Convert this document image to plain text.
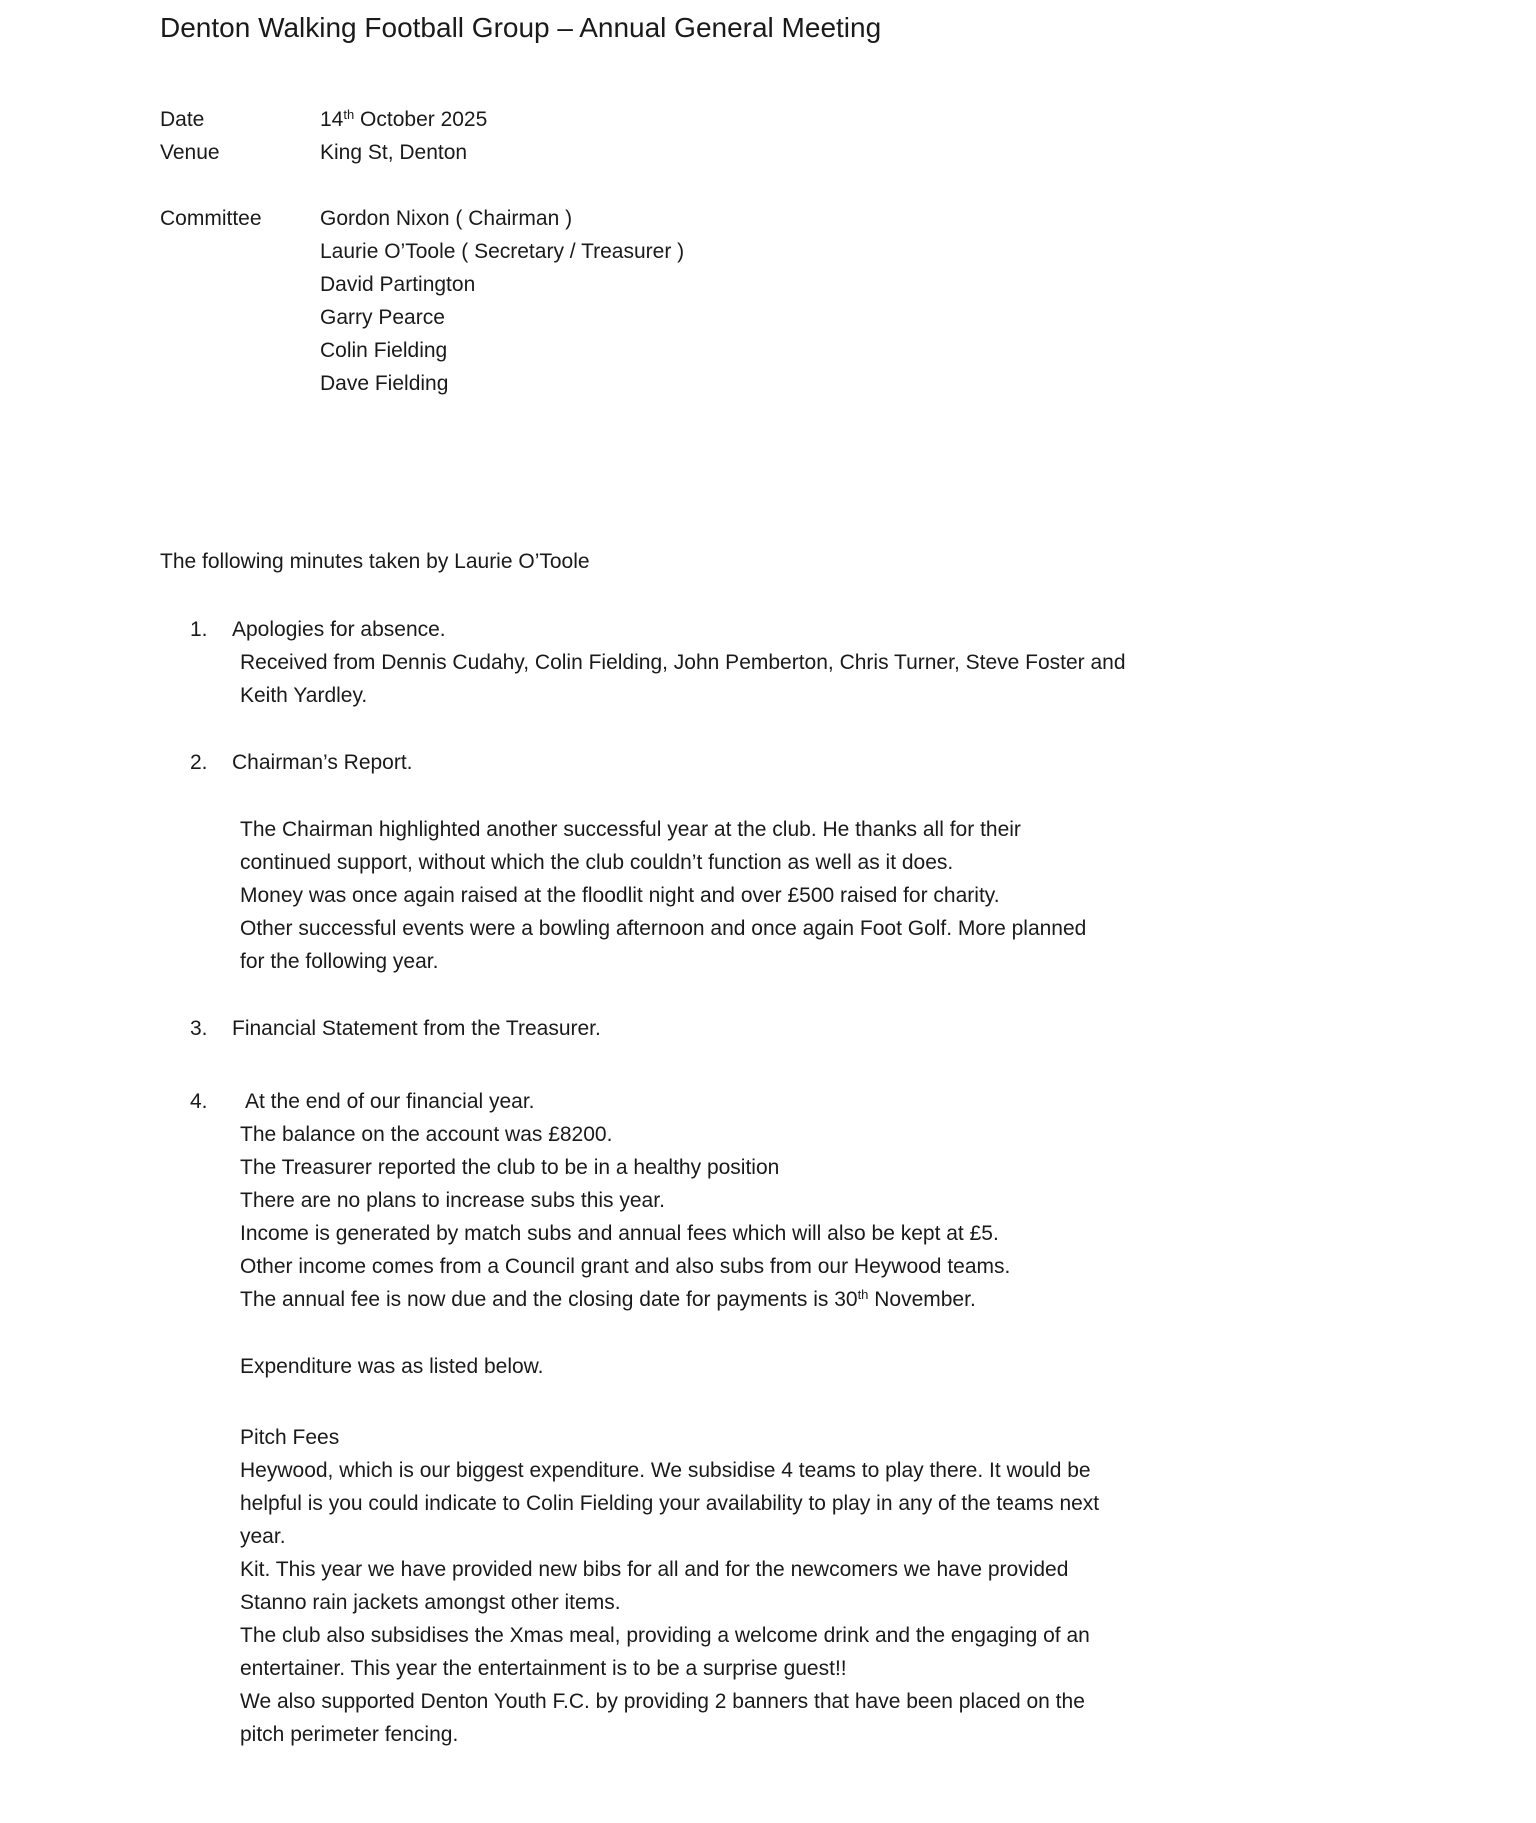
Denton Walking Football Group – Annual General Meeting
Date	14th October 2025
Venue	King St, Denton
Committee	Gordon Nixon ( Chairman )
Laurie O’Toole ( Secretary / Treasurer )
David Partington
Garry Pearce
Colin Fielding
Dave Fielding

The following minutes taken by Laurie O’Toole

1.	Apologies for absence.
Received from Dennis Cudahy, Colin Fielding, John Pemberton, Chris Turner, Steve Foster and
Keith Yardley.
2.	Chairman’s Report.
The Chairman highlighted another successful year at the club. He thanks all for their
continued support, without which the club couldn’t function as well as it does.
Money was once again raised at the floodlit night and over £500 raised for charity.
Other successful events were a bowling afternoon and once again Foot Golf. More planned
for the following year.
3.	Financial Statement from the Treasurer.
4.	At the end of our financial year.
The balance on the account was £8200.
The Treasurer reported the club to be in a healthy position
There are no plans to increase subs this year.
Income is generated by match subs and annual fees which will also be kept at £5.
Other income comes from a Council grant and also subs from our Heywood teams.
The annual fee is now due and the closing date for payments is 30th November.
Expenditure was as listed below.
Pitch Fees
Heywood, which is our biggest expenditure. We subsidise 4 teams to play there. It would be
helpful is you could indicate to Colin Fielding your availability to play in any of the teams next
year.
Kit. This year we have provided new bibs for all and for the newcomers we have provided
Stanno rain jackets amongst other items.
The club also subsidises the Xmas meal, providing a welcome drink and the engaging of an
entertainer. This year the entertainment is to be a surprise guest!!
We also supported Denton Youth F.C. by providing 2 banners that have been placed on the
pitch perimeter fencing.
